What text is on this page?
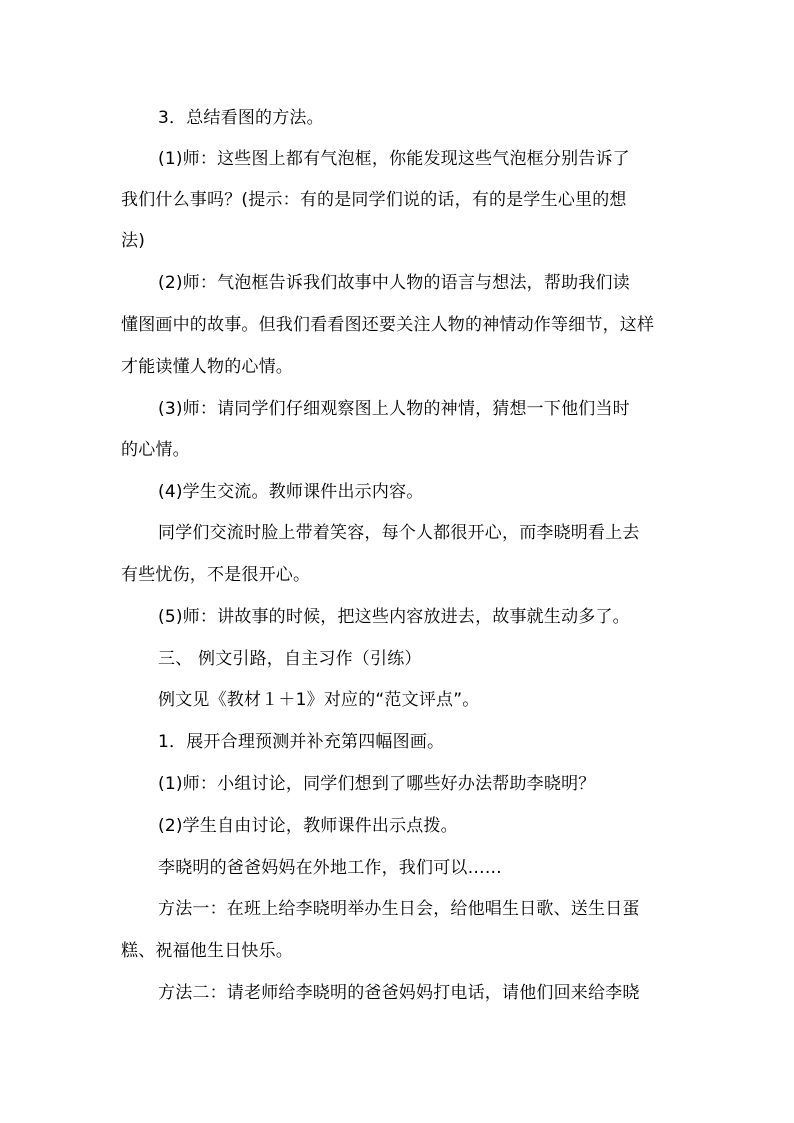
3．总结看图的方法。
(1)师：这些图上都有气泡框，你能发现这些气泡框分别告诉了
我们什么事吗？(提示：有的是同学们说的话，有的是学生心里的想
法)
(2)师：气泡框告诉我们故事中人物的语言与想法，帮助我们读
懂图画中的故事。但我们看看图还要关注人物的神情动作等细节，这样
才能读懂人物的心情。
(3)师：请同学们仔细观察图上人物的神情，猜想一下他们当时
的心情。
(4)学生交流。教师课件出示内容。
同学们交流时脸上带着笑容，每个人都很开心，而李晓明看上去
有些忧伤，不是很开心。
(5)师：讲故事的时候，把这些内容放进去，故事就生动多了。
三、 例文引路，自主习作（引练）
例文见《教材１＋1》对应的“范文评点”。
1．展开合理预测并补充第四幅图画。
(1)师：小组讨论，同学们想到了哪些好办法帮助李晓明？
(2)学生自由讨论，教师课件出示点拨。
李晓明的爸爸妈妈在外地工作，我们可以……
方法一：在班上给李晓明举办生日会，给他唱生日歌、送生日蛋
糕、祝福他生日快乐。
方法二：请老师给李晓明的爸爸妈妈打电话，请他们回来给李晓
